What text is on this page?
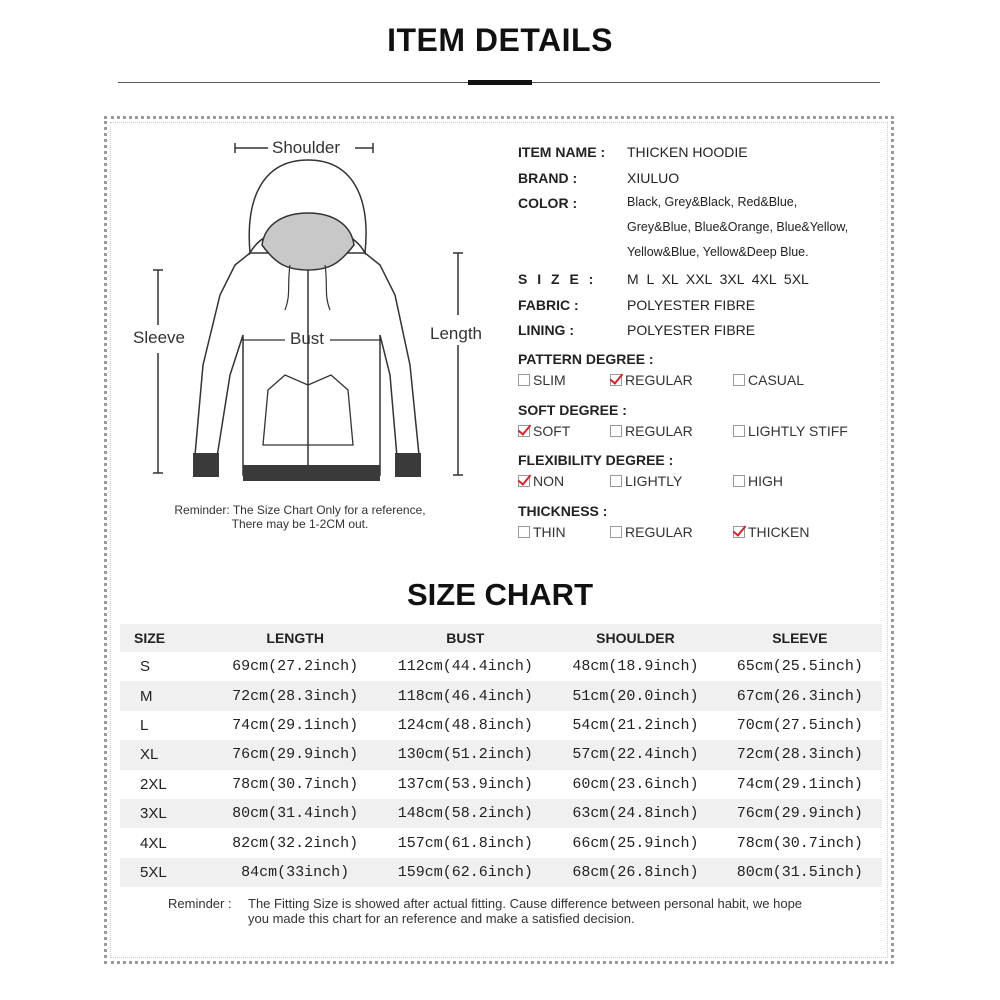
ITEM DETAILS
Shoulder
Sleeve	Bust	Length
Reminder: The Size Chart Only for a reference,
There may be 1-2CM out.
ITEM NAME : THICKEN HOODIE
BRAND :	XIULUO
COLOR :	Black, Grey&Black, Red&Blue,
Grey&Blue, Blue&Orange, Blue&Yellow,
Yellow&Blue, Yellow&Deep Blue.
S I Z E : M  L  XL  XXL  3XL  4XL  5XL
FABRIC :	POLYESTER FIBRE
LINING :	POLYESTER FIBRE
PATTERN DEGREE :
SLIM	REGULAR	CASUAL
SOFT DEGREE :
SOFT	REGULAR	LIGHTLY STIFF
FLEXIBILITY DEGREE :
NON	LIGHTLY	HIGH
THICKNESS :
THIN	REGULAR	THICKEN
SIZE CHART
SIZE	LENGTH	BUST	SHOULDER	SLEEVE
S	69cm(27.2inch)	112cm(44.4inch)	48cm(18.9inch)	65cm(25.5inch)
M	72cm(28.3inch)	118cm(46.4inch)	51cm(20.0inch)	67cm(26.3inch)
L	74cm(29.1inch)	124cm(48.8inch)	54cm(21.2inch)	70cm(27.5inch)
XL	76cm(29.9inch)	130cm(51.2inch)	57cm(22.4inch)	72cm(28.3inch)
2XL	78cm(30.7inch)	137cm(53.9inch)	60cm(23.6inch)	74cm(29.1inch)
3XL	80cm(31.4inch)	148cm(58.2inch)	63cm(24.8inch)	76cm(29.9inch)
4XL	82cm(32.2inch)	157cm(61.8inch)	66cm(25.9inch)	78cm(30.7inch)
5XL	84cm(33inch)	159cm(62.6inch)	68cm(26.8inch)	80cm(31.5inch)
Reminder : The Fitting Size is showed after actual fitting. Cause difference between personal habit, we hope
you made this chart for an reference and make a satisfied decision.
